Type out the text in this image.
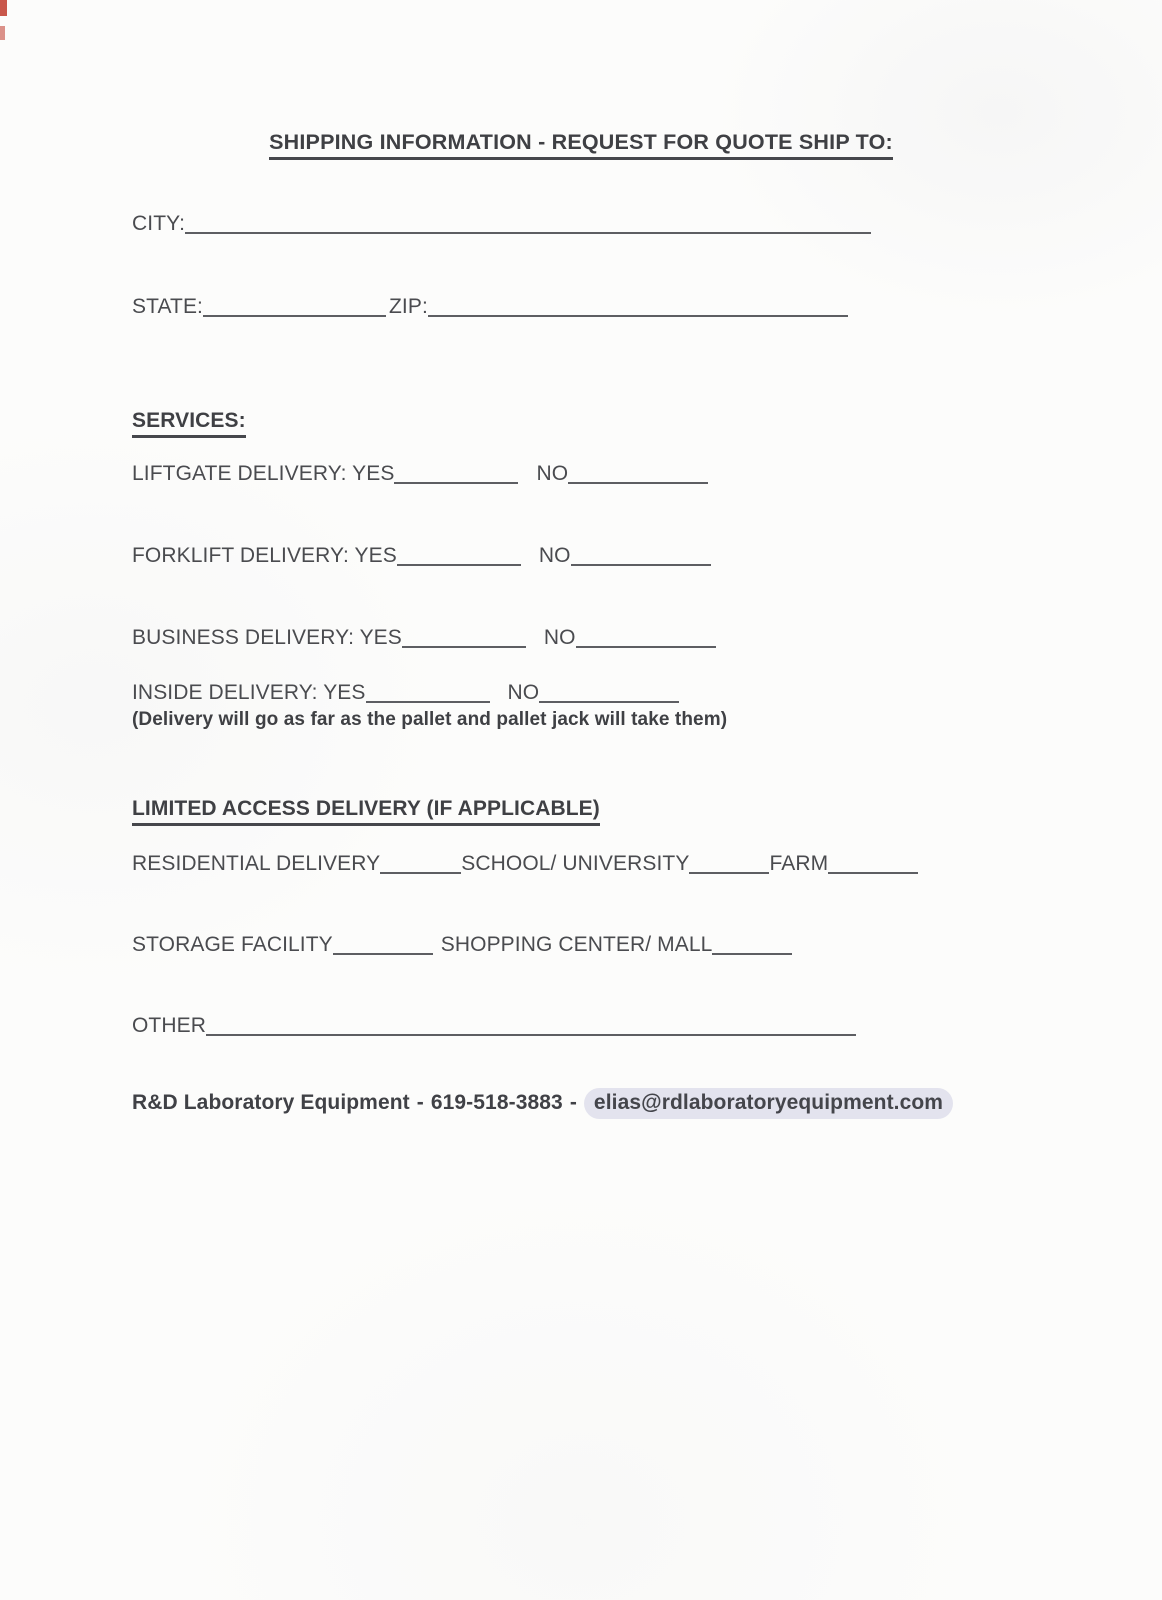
SHIPPING INFORMATION - REQUEST FOR QUOTE SHIP TO:
CITY:
STATE:	ZIP:
SERVICES:
LIFTGATE DELIVERY: YES	NO
FORKLIFT DELIVERY: YES	NO
BUSINESS DELIVERY: YES	NO
INSIDE DELIVERY: YES	NO
(Delivery will go as far as the pallet and pallet jack will take them)
LIMITED ACCESS DELIVERY (IF APPLICABLE)
RESIDENTIAL DELIVERY	SCHOOL/ UNIVERSITY	FARM
STORAGE FACILITY	SHOPPING CENTER/ MALL
OTHER
R&D Laboratory Equipment - 619-518-3883 - elias@rdlaboratoryequipment.com
